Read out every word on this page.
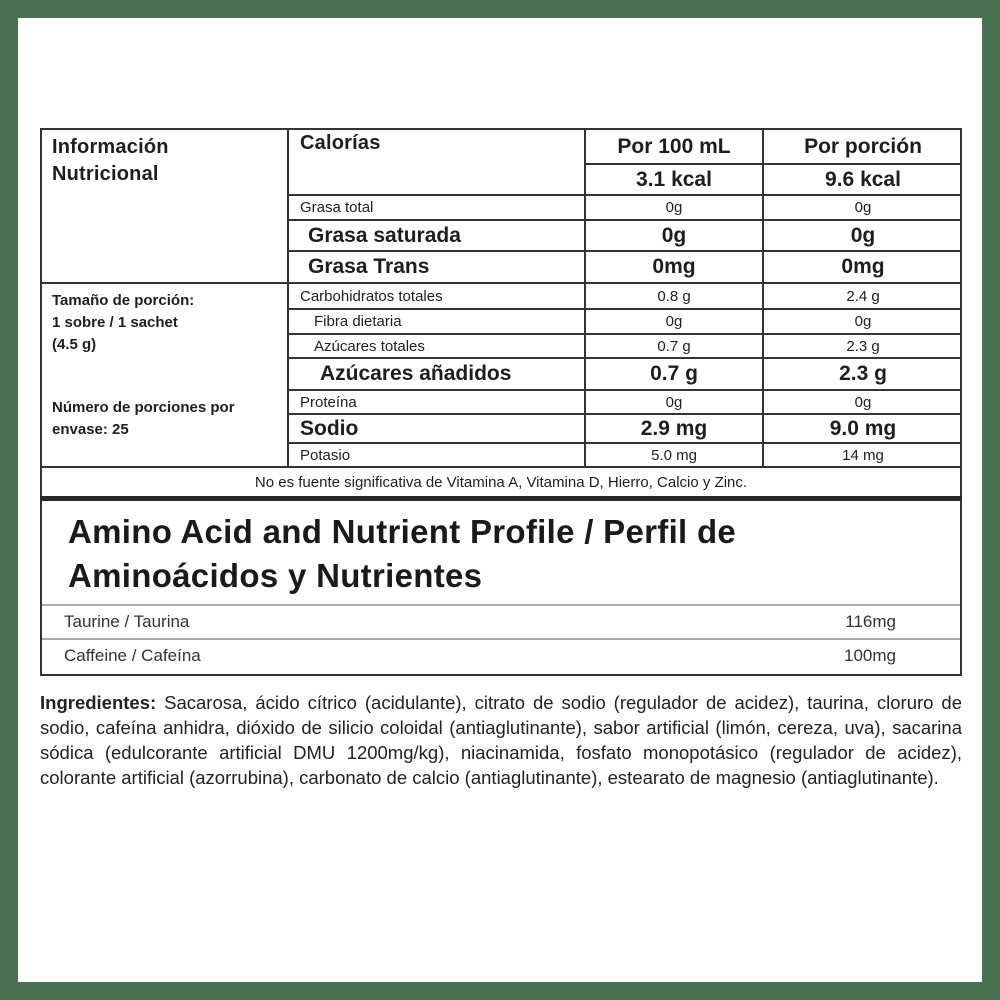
Información
Nutricional
Tamaño de porción:
1 sobre / 1 sachet
(4.5 g)
Número de porciones por
envase: 25
Calorías	Por 100 mL	Por porción
3.1 kcal	9.6 kcal
Grasa total	0g	0g
Grasa saturada	0g	0g
Grasa Trans	0mg	0mg
Carbohidratos totales	0.8 g	2.4 g
Fibra dietaria	0g	0g
Azúcares totales	0.7 g	2.3 g
Azúcares añadidos	0.7 g	2.3 g
Proteína	0g	0g
Sodio	2.9 mg	9.0 mg
Potasio	5.0 mg	14 mg
No es fuente significativa de Vitamina A, Vitamina D, Hierro, Calcio y Zinc.
Amino Acid and Nutrient Profile / Perfil de
Aminoácidos y Nutrientes
Taurine / Taurina	116mg
Caffeine / Cafeína	100mg
Ingredientes: Sacarosa, ácido cítrico (acidulante), citrato de sodio (regulador de acidez), taurina, cloruro de sodio, cafeína anhidra, dióxido de silicio coloidal (antiaglutinante), sabor artificial (limón, cereza, uva), sacarina sódica (edulcorante artificial DMU 1200mg/kg), niacinamida, fosfato monopotásico (regulador de acidez), colorante artificial (azorrubina), carbonato de calcio (antiaglutinante), estearato de magnesio (antiaglutinante).
